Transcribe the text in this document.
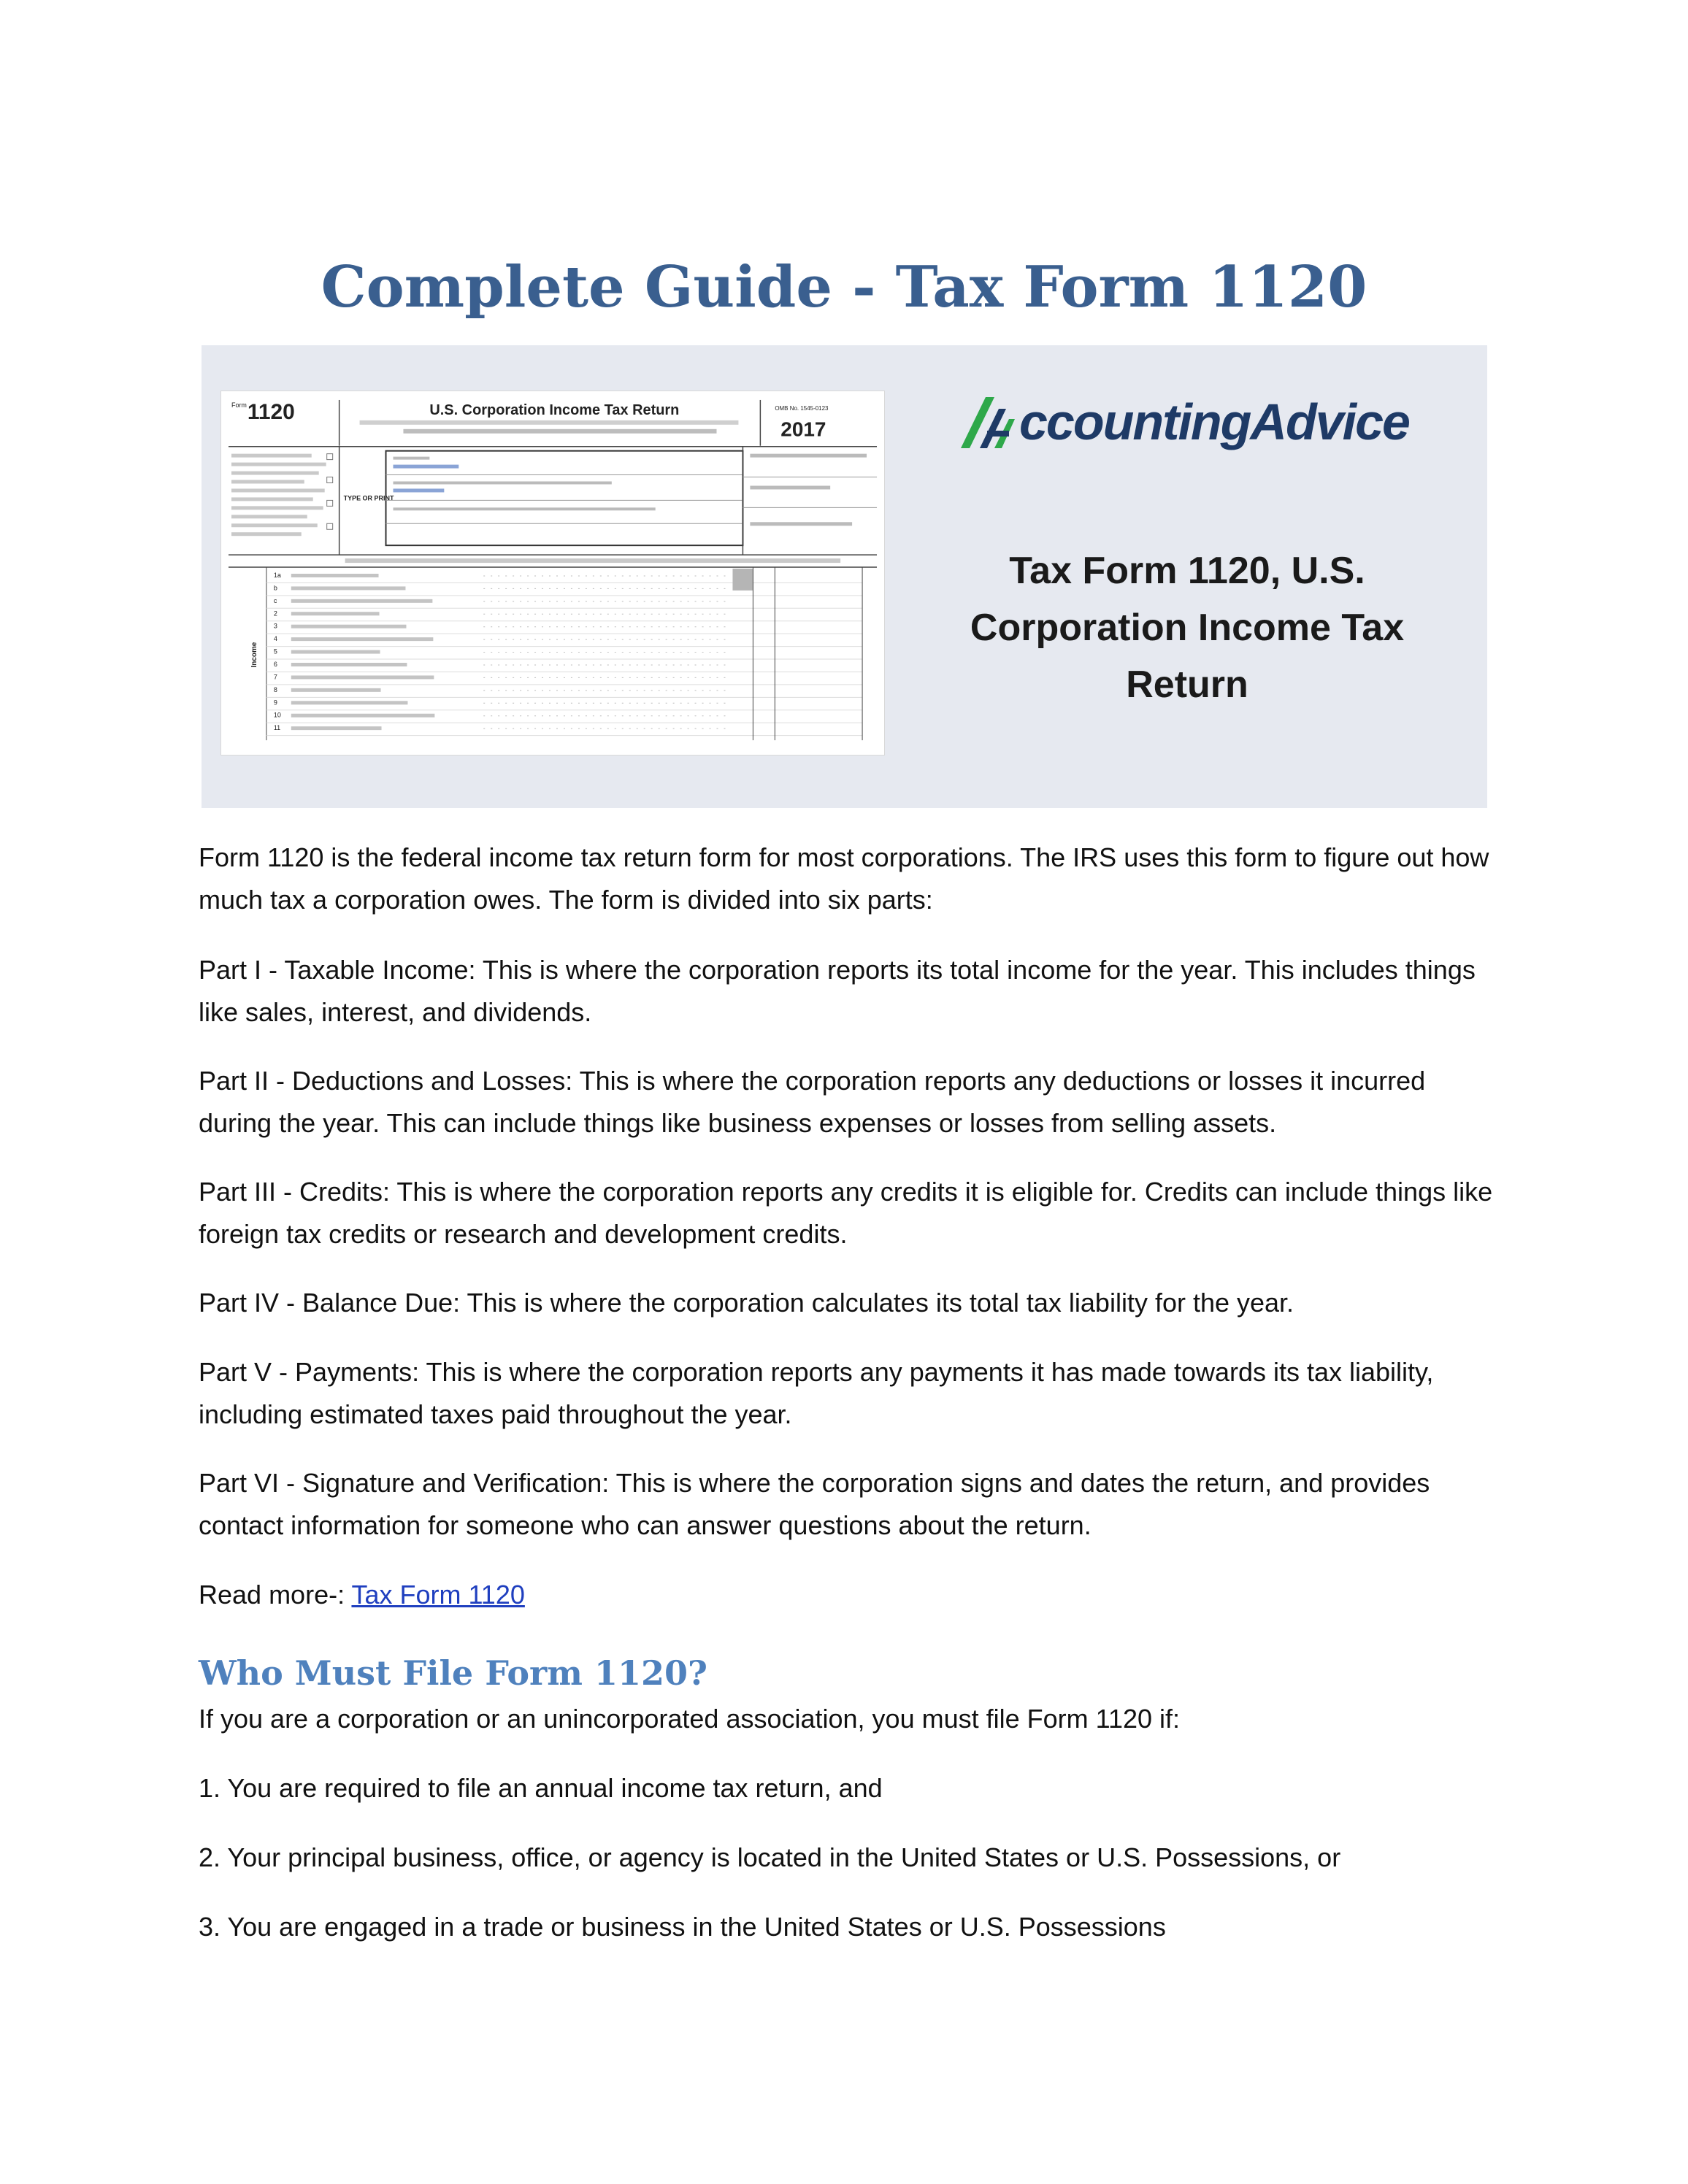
Complete Guide - Tax Form 1120
Form 1120	U.S. Corporation Income Tax Return	OMB No. 1545-0123
2017
TYPE OR PRINT
Income
1a
b
c
2
3
4
5
6
7
8
9
10
11
ccountingAdvice
Tax Form 1120, U.S.
Corporation Income Tax
Return

Form 1120 is the federal income tax return form for most corporations. The IRS uses this form to figure out how much tax a corporation owes. The form is divided into six parts:

Part I - Taxable Income: This is where the corporation reports its total income for the year. This includes things like sales, interest, and dividends.

Part II - Deductions and Losses: This is where the corporation reports any deductions or losses it incurred during the year. This can include things like business expenses or losses from selling assets.

Part III - Credits: This is where the corporation reports any credits it is eligible for. Credits can include things like foreign tax credits or research and development credits.

Part IV - Balance Due: This is where the corporation calculates its total tax liability for the year.

Part V - Payments: This is where the corporation reports any payments it has made towards its tax liability, including estimated taxes paid throughout the year.

Part VI - Signature and Verification: This is where the corporation signs and dates the return, and provides contact information for someone who can answer questions about the return.

Read more-: Tax Form 1120

Who Must File Form 1120?

If you are a corporation or an unincorporated association, you must file Form 1120 if:

1. You are required to file an annual income tax return, and

2. Your principal business, office, or agency is located in the United States or U.S. Possessions, or

3. You are engaged in a trade or business in the United States or U.S. Possessions
